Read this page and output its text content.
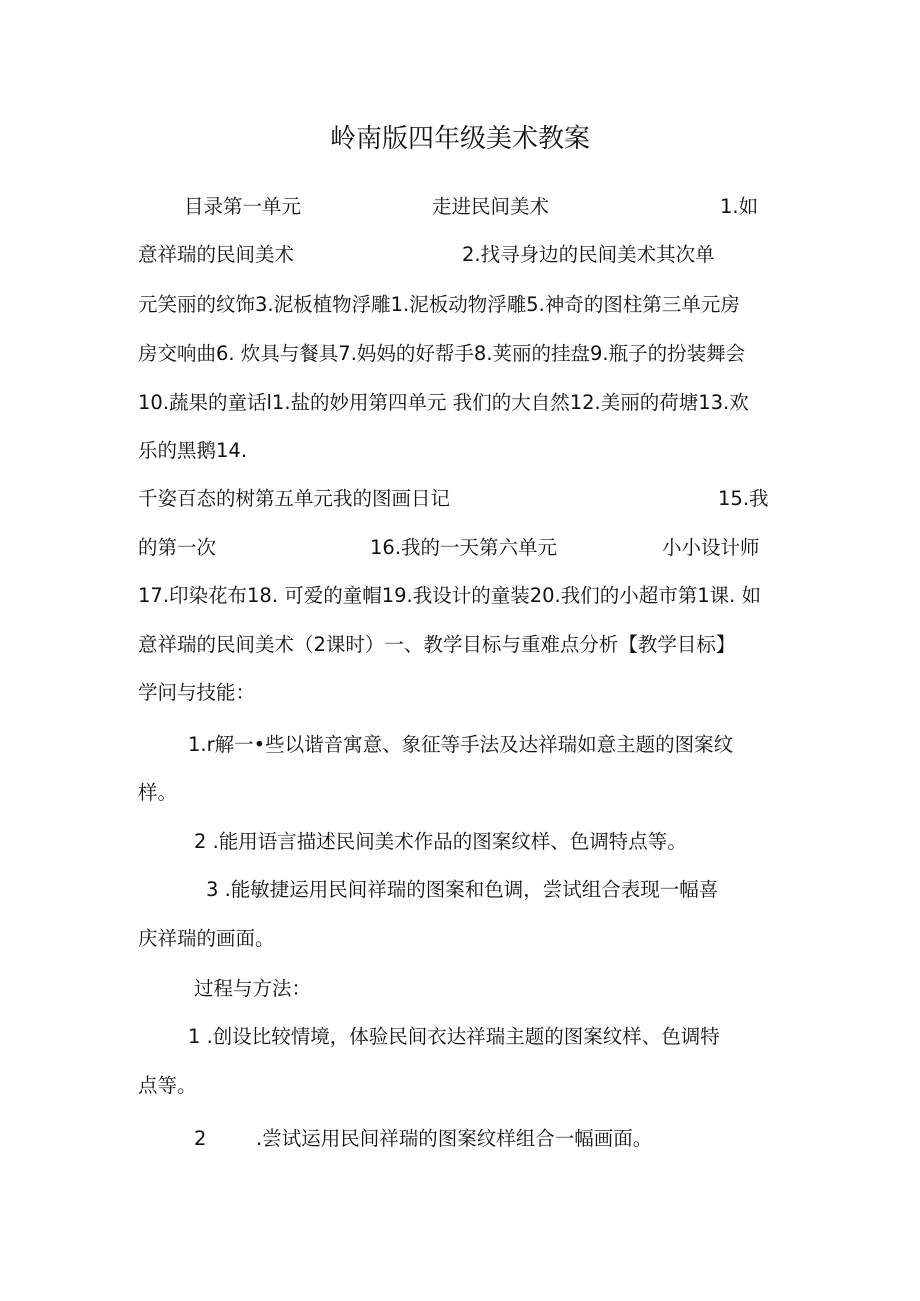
岭南版四年级美术教案
目录第一单元	走进民间美术	1.如
意祥瑞的民间美术	2.找寻身边的民间美术其次单
元笑丽的纹饰3.泥板植物浮雕1.泥板动物浮雕5.神奇的图柱第三单元房
房交响曲6. 炊具与餐具7.妈妈的好帮手8.荚丽的挂盘9.瓶子的扮装舞会
10.蔬果的童话l1.盐的妙用第四单元 我们的大自然12.美丽的荷塘13.欢
乐的黑鹅14.
千姿百态的树第五单元我的图画日记	15.我
的第一次	16.我的一天第六单元	小小设计师
17.印染花布18. 可爱的童帽19.我设计的童装20.我们的小超市第1课. 如
意祥瑞的民间美术（2课时）一、教学目标与重难点分析【教学目标】
学问与技能：
1.r解一•些以谐音寓意、象征等手法及达祥瑞如意主题的图案纹
样。
2 .能用语言描述民间美术作品的图案纹样、色调特点等。
3 .能敏捷运用民间祥瑞的图案和色调，尝试组合表现一幅喜
庆祥瑞的画面。
过程与方法：
1 .创设比较情境，体验民间衣达祥瑞主题的图案纹样、色调特
点等。
2	.尝试运用民间祥瑞的图案纹样组合一幅画面。
